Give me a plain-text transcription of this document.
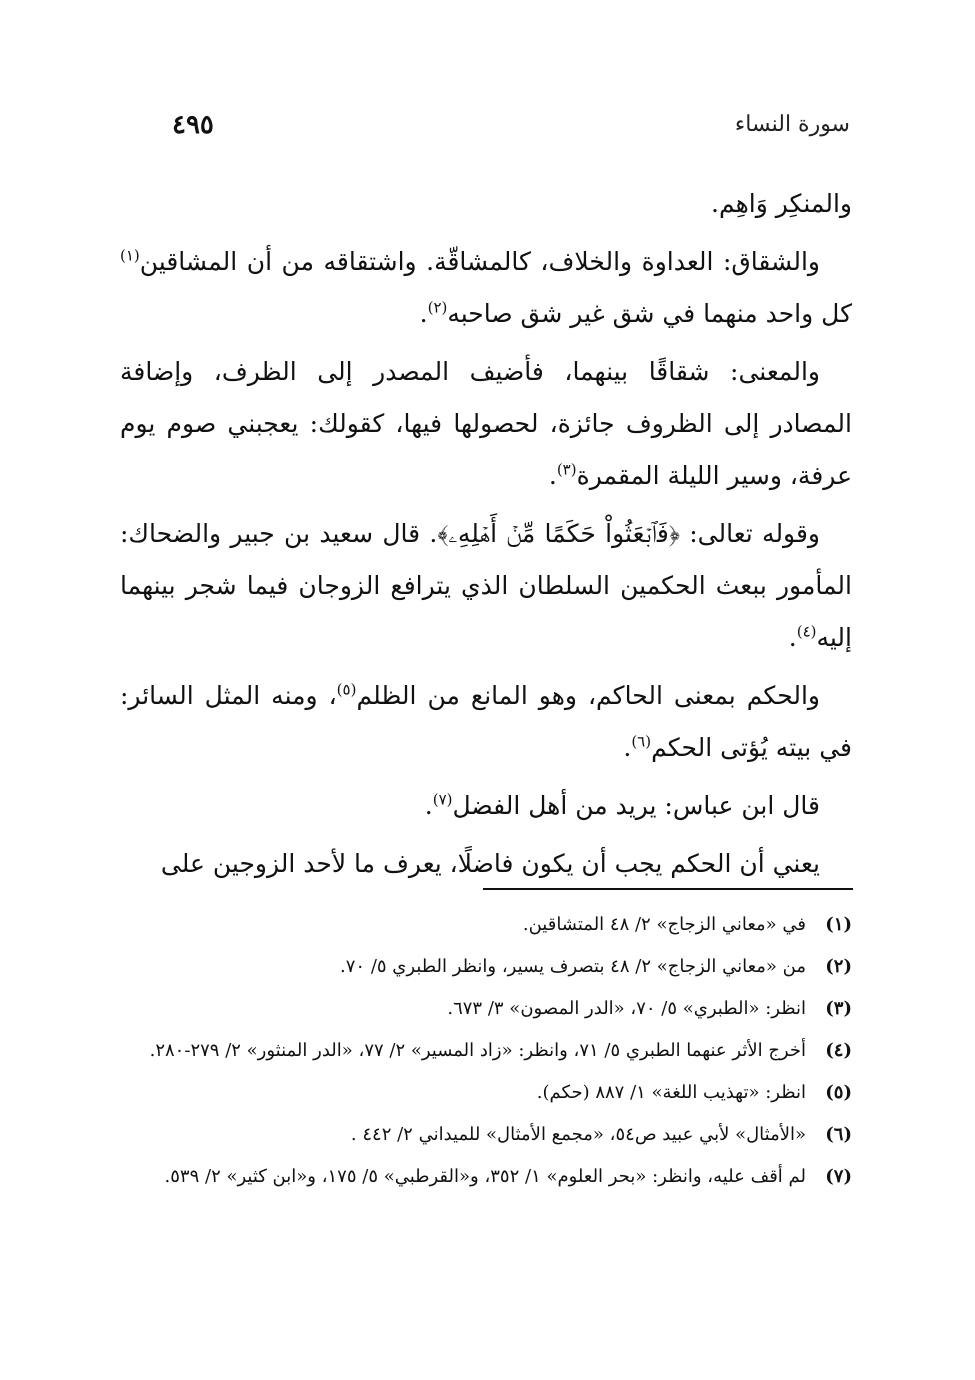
سورة النساء
٤٩٥

والمنكِر وَاهِم.

والشقاق: العداوة والخلاف، كالمشاقّة. واشتقاقه من أن المشاقين$^{(١)}$ كل واحد منهما في شق غير شق صاحبه$^{(٢)}$.

والمعنى: شقاقًا بينهما، فأضيف المصدر إلى الظرف، وإضافة المصادر إلى الظروف جائزة، لحصولها فيها، كقولك: يعجبني صوم يوم عرفة، وسير الليلة المقمرة$^{(٣)}$.

وقوله تعالى: ﴿فَٱبۡعَثُواْ حَكَمًا مِّنۡ أَهۡلِهِۦ﴾. قال سعيد بن جبير والضحاك: المأمور ببعث الحكمين السلطان الذي يترافع الزوجان فيما شجر بينهما إليه$^{(٤)}$.

والحكم بمعنى الحاكم، وهو المانع من الظلم$^{(٥)}$، ومنه المثل السائر: في بيته يُؤتى الحكم$^{(٦)}$.

قال ابن عباس: يريد من أهل الفضل$^{(٧)}$.

يعني أن الحكم يجب أن يكون فاضلًا، يعرف ما لأحد الزوجين على

(١)
في «معاني الزجاج» ٢/ ٤٨ المتشاقين.
(٢)
من «معاني الزجاج» ٢/ ٤٨ بتصرف يسير، وانظر الطبري ٥/ ٧٠.
(٣)
انظر: «الطبري» ٥/ ٧٠، «الدر المصون» ٣/ ٦٧٣.
(٤)
أخرج الأثر عنهما الطبري ٥/ ٧١، وانظر: «زاد المسير» ٢/ ٧٧، «الدر المنثور» ٢/ ٢٧٩-٢٨٠.
(٥)
انظر: «تهذيب اللغة» ١/ ٨٨٧ (حكم).
(٦)
«الأمثال» لأبي عبيد ص٥٤، «مجمع الأمثال» للميداني ٢/ ٤٤٢ .
(٧)
لم أقف عليه، وانظر: «بحر العلوم» ١/ ٣٥٢، و«القرطبي» ٥/ ١٧٥، و«ابن كثير» ٢/ ٥٣٩.
